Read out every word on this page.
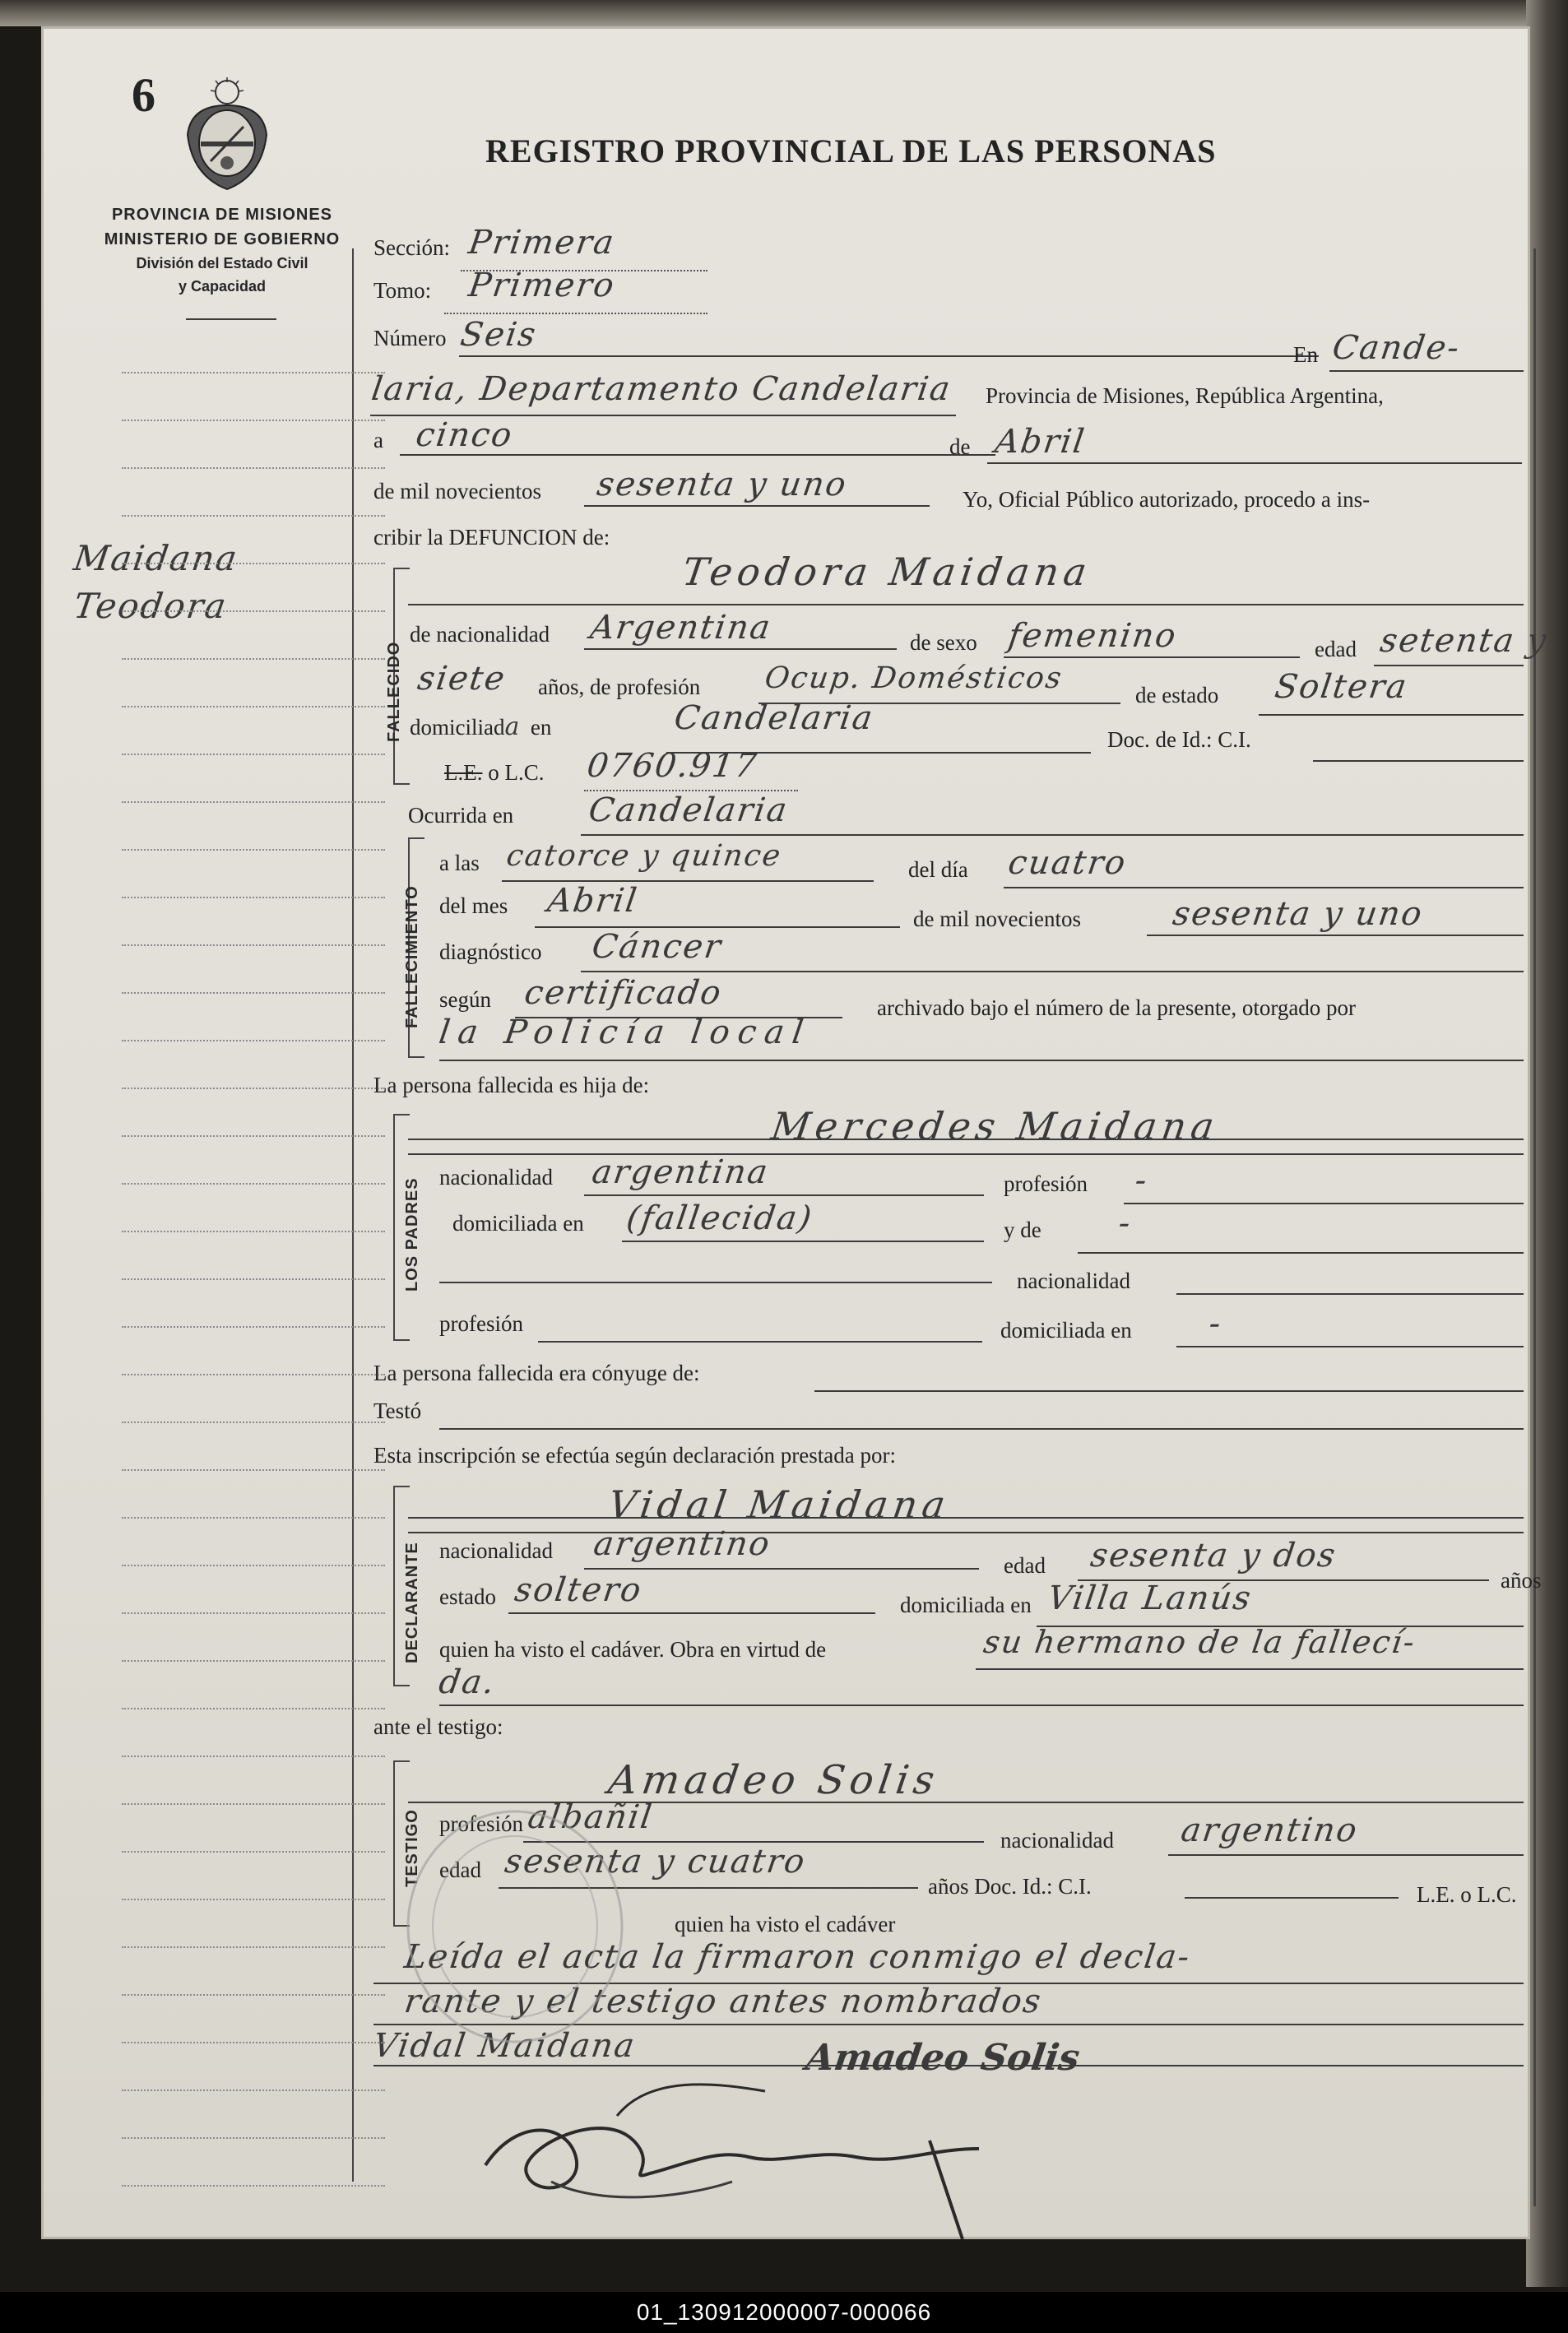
6
PROVINCIA DE MISIONES
MINISTERIO DE GOBIERNO
División del Estado Civil
y Capacidad
Maidana
Teodora
REGISTRO PROVINCIAL DE LAS PERSONAS
Sección: Primera
Tomo: Primero
Número Seis
En Cande-
laria, Departamento Candelaria Provincia de Misiones, República Argentina,
a cinco	de Abril
de mil novecientos sesenta y uno	Yo, Oficial Público autorizado, procedo a ins-
cribir la DEFUNCION de:
FALLECIDO
Teodora Maidana
de nacionalidad Argentina	de sexo femenino	edad setenta y
siete años, de profesión Ocup. Domésticos	de estado Soltera
domiciliada en	Candelaria
Doc. de Id.: C.I.
L.E. o L.C. 0760.917
Ocurrida en Candelaria
FALLECIMIENTO
a las catorce y quince	del día cuatro
del mes Abril	de mil novecientos	sesenta y uno
diagnóstico Cáncer
según certificado	archivado bajo el número de la presente, otorgado por
la Policía local
La persona fallecida es hija de:
LOS PADRES
Mercedes Maidana
nacionalidad argentina	profesión -
domiciliada en (fallecida)	y de -
nacionalidad
profesión	domiciliada en -
La persona fallecida era cónyuge de:
Testó
Esta inscripción se efectúa según declaración prestada por:
DECLARANTE
Vidal Maidana
nacionalidad argentino
edad sesenta y dos
años
estado soltero	domiciliada en Villa Lanús
quien ha visto el cadáver. Obra en virtud de	su hermano de la fallecí-
da.
ante el testigo:
TESTIGO
Amadeo Solis
profesión albañil
nacionalidad argentino
edad sesenta y cuatro
años Doc. Id.: C.I.	L.E. o L.C.
quien ha visto el cadáver
Leída el acta la firmaron conmigo el decla-
rante y el testigo antes nombrados
Vidal Maidana	Amadeo Solis
01_130912000007-000066
